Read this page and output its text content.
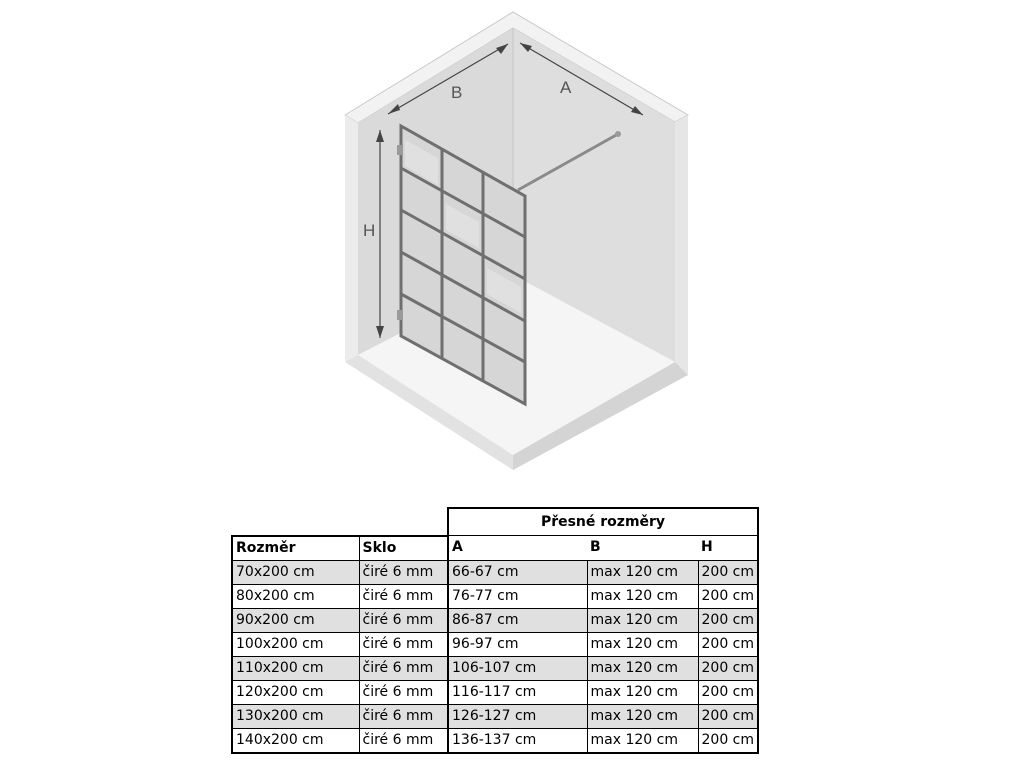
B	A
H
		Přesné rozměry		
Rozměr	Sklo	A	B	H
70x200 cm	čiré 6 mm	66-67 cm	max 120 cm	200 cm
80x200 cm	čiré 6 mm	76-77 cm	max 120 cm	200 cm
90x200 cm	čiré 6 mm	86-87 cm	max 120 cm	200 cm
100x200 cm	čiré 6 mm	96-97 cm	max 120 cm	200 cm
110x200 cm	čiré 6 mm	106-107 cm	max 120 cm	200 cm
120x200 cm	čiré 6 mm	116-117 cm	max 120 cm	200 cm
130x200 cm	čiré 6 mm	126-127 cm	max 120 cm	200 cm
140x200 cm	čiré 6 mm	136-137 cm	max 120 cm	200 cm
